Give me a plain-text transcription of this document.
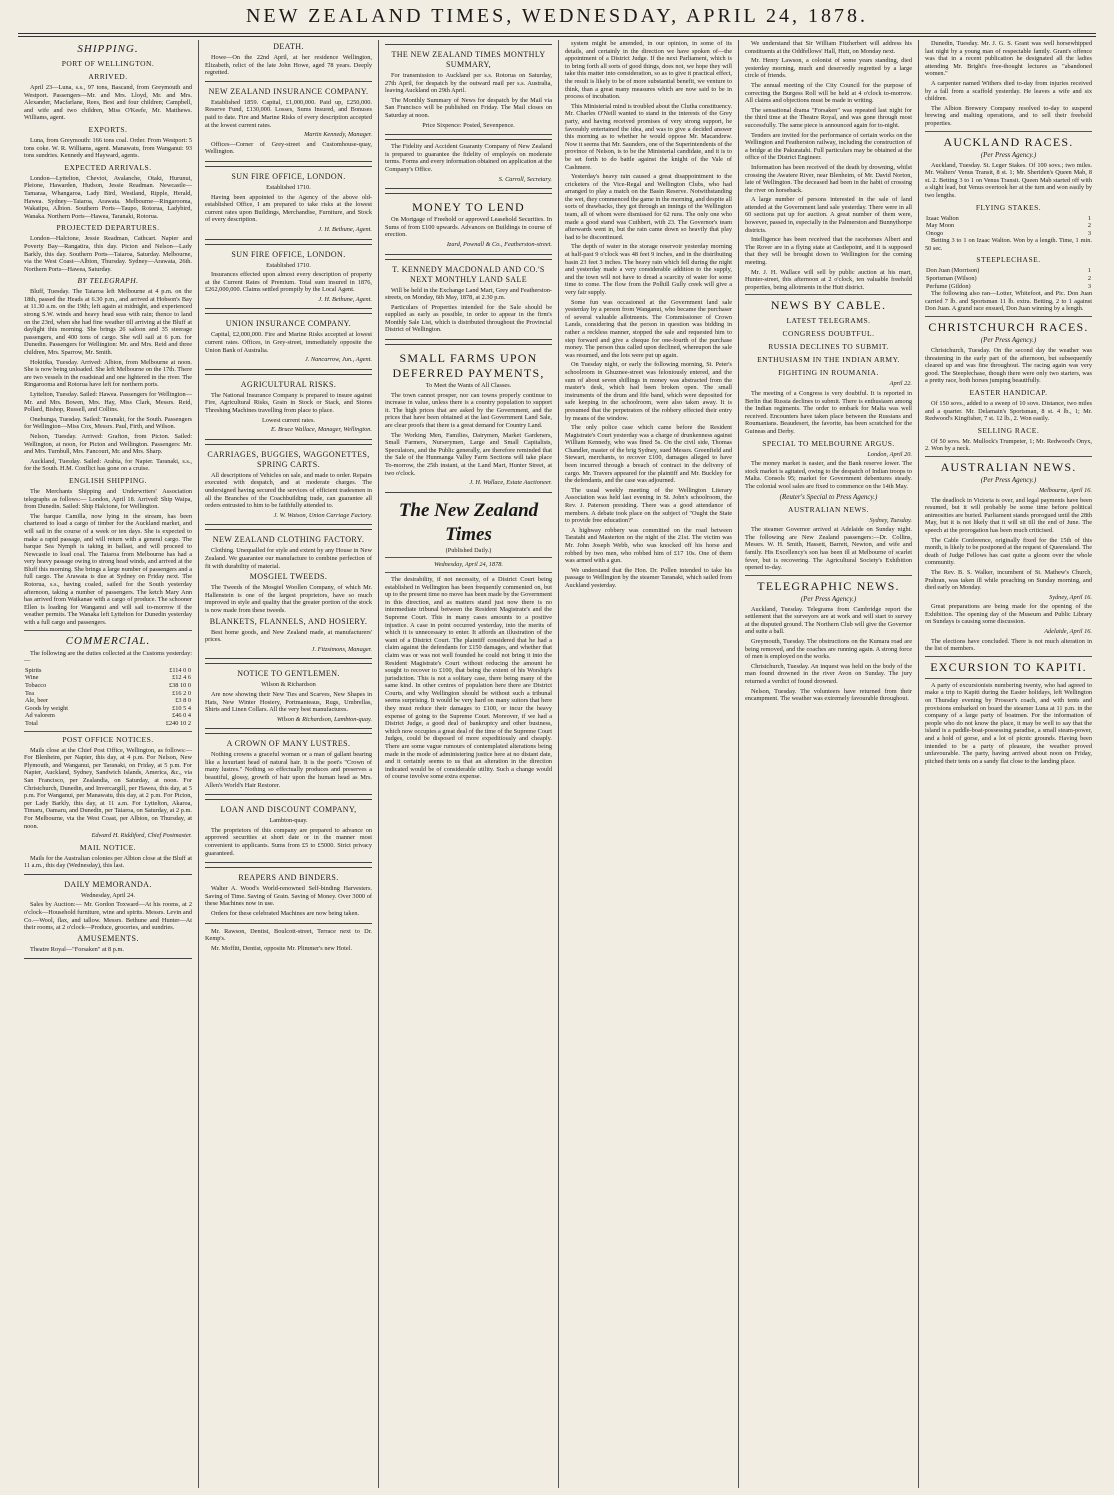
NEW ZEALAND TIMES, WEDNESDAY, APRIL 24, 1878.
SHIPPING.
PORT OF WELLINGTON.
ARRIVED.

April 23—Luna, s.s., 97 tons, Bascand, from Greymouth and Westport. Passengers—Mr. and Mrs. Lloyd, Mr. and Mrs. Alexander, Macfarlane, Rees, Best and four children; Campbell, and wife and two children, Miss O'Keefe, Mr. Matthews. Williams, agent.

EXPORTS.

Luna, from Greymouth: 166 tons coal. Order. From Westport: 5 tons coke. W. R. Williams, agent. Manawatu, from Wanganui: 93 tons sundries. Kennedy and Hayward, agents.

EXPECTED ARRIVALS.

London—Lyttelton, Cheviot, Avalanche, Otaki, Hurunui, Pleione, Hawarden, Hudson, Jessie Readman. Newcastle—Tamaraa, Whangaroa, Lady Bird, Westland, Ripple, Herald, Hawea. Sydney—Taiaroa, Arawata. Melbourne—Ringarooma, Wakatipu, Albion. Southern Ports—Taupo, Rotorua, Ladybird, Wanaka. Northern Ports—Hawea, Taranaki, Rotorua.

PROJECTED DEPARTURES.

London—Halcione, Jessie Readman, Cathcart. Napier and Poverty Bay—Rangatira, this day. Picton and Nelson—Lady Barkly, this day. Southern Ports—Taiaroa, Saturday. Melbourne, via the West Coast—Albion, Thursday. Sydney—Arawata, 26th. Northern Ports—Hawea, Saturday.

BY TELEGRAPH.

Bluff, Tuesday. The Taiaroa left Melbourne at 4 p.m. on the 18th, passed the Heads at 6.30 p.m., and arrived at Hobson's Bay at 11.30 a.m. on the 19th; left again at midnight, and experienced strong S.W. winds and heavy head seas with rain; thence to land on the 23rd, when she had fine weather till arriving at the Bluff at daylight this morning. She brings 26 saloon and 35 steerage passengers, and 400 tons of cargo. She will sail at 6 p.m. for Dunedin. Passengers for Wellington: Mr. and Mrs. Reid and three children, Mrs. Sparrow, Mr. Smith.

Hokitika, Tuesday. Arrived: Albion, from Melbourne at noon. She is now being unloaded. She left Melbourne on the 17th. There are two vessels in the roadstead and one lightered in the river. The Ringarooma and Rotorua have left for northern ports.

Lyttelton, Tuesday. Sailed: Hawea. Passengers for Wellington—Mr. and Mrs. Bowen, Mrs. Hay, Miss Clark, Messrs. Reid, Pollard, Bishop, Russell, and Collins.

Onehunga, Tuesday. Sailed: Taranaki, for the South. Passengers for Wellington—Miss Cox, Messrs. Paul, Firth, and Wilson.

Nelson, Tuesday. Arrived: Grafton, from Picton. Sailed: Wellington, at noon, for Picton and Wellington. Passengers: Mr. and Mrs. Turnbull, Mrs. Fancourt, Mr. and Mrs. Sharp.

Auckland, Tuesday. Sailed: Arabia, for Napier. Taranaki, s.s., for the South. H.M. Conflict has gone on a cruise.

ENGLISH SHIPPING.

The Merchants Shipping and Underwriters' Association telegraphs as follows:— London, April 18. Arrived: Ship Waipa, from Dunedin. Sailed: Ship Halcione, for Wellington.

The barque Camilla, now lying in the stream, has been chartered to load a cargo of timber for the Auckland market, and will sail in the course of a week or ten days. She is expected to make a rapid passage, and will return with a general cargo. The barque Sea Nymph is taking in ballast, and will proceed to Newcastle to load coal. The Taiaroa from Melbourne has had a very heavy passage owing to strong head winds, and arrived at the Bluff this morning. She brings a large number of passengers and a full cargo. The Arawata is due at Sydney on Friday next. The Rotorua, s.s., having coaled, sailed for the South yesterday afternoon, taking a number of passengers. The ketch Mary Ann has arrived from Waikanae with a cargo of produce. The schooner Ellen is loading for Wanganui and will sail to-morrow if the weather permits. The Wanaka left Lyttelton for Dunedin yesterday with a full cargo and passengers.

COMMERCIAL.

The following are the duties collected at the Customs yesterday:—

Spirits	£114 0 0
Wine	£12 4 6
Tobacco	£38 10 0
Tea	£16 2 0
Ale, beer	£3 8 0
Goods by weight	£10 5 4
Ad valorem	£46 0 4
Total	£240 10 2
POST OFFICE NOTICES.

Mails close at the Chief Post Office, Wellington, as follows:— For Blenheim, per Napier, this day, at 4 p.m. For Nelson, New Plymouth, and Wanganui, per Taranaki, on Friday, at 5 p.m. For Napier, Auckland, Sydney, Sandwich Islands, America, &c., via San Francisco, per Zealandia, on Saturday, at noon. For Christchurch, Dunedin, and Invercargill, per Hawea, this day, at 5 p.m. For Wanganui, per Manawatu, this day, at 2 p.m. For Picton, per Lady Barkly, this day, at 11 a.m. For Lyttelton, Akaroa, Timaru, Oamaru, and Dunedin, per Taiaroa, on Saturday, at 2 p.m. For Melbourne, via the West Coast, per Albion, on Thursday, at noon.

Edward H. Riddiford, Chief Postmaster.

MAIL NOTICE.

Mails for the Australian colonies per Albion close at the Bluff at 11 a.m., this day (Wednesday), this last.

DAILY MEMORANDA.

Wednesday, April 24.

Sales by Auction:— Mr. Gordon Toxward—At his rooms, at 2 o'clock—Household furniture, wine and spirits. Messrs. Levin and Co.—Wool, flax, and tallow. Messrs. Bethune and Hunter—At their rooms, at 2 o'clock—Produce, groceries, and sundries.

AMUSEMENTS.

Theatre Royal—"Forsaken" at 8 p.m.

DEATH.

Howe—On the 22nd April, at her residence Wellington, Elizabeth, relict of the late John Howe, aged 78 years. Deeply regretted.

NEW ZEALAND INSURANCE COMPANY.

Established 1859. Capital, £1,000,000. Paid up, £250,000. Reserve Fund, £130,000. Losses, Sums Insured, and Bonuses paid to date. Fire and Marine Risks of every description accepted at the lowest current rates.

Martin Kennedy, Manager.

Offices—Corner of Grey-street and Customhouse-quay, Wellington.

SUN FIRE OFFICE, LONDON.

Established 1710.

Having been appointed to the Agency of the above old-established Office, I am prepared to take risks at the lowest current rates upon Buildings, Merchandise, Furniture, and Stock of every description.

J. H. Bethune, Agent.

SUN FIRE OFFICE, LONDON.

Established 1710.

Insurances effected upon almost every description of property at the Current Rates of Premium. Total sum insured in 1876, £262,000,000. Claims settled promptly by the Local Agent.

J. H. Bethune, Agent.

UNION INSURANCE COMPANY.

Capital, £2,000,000. Fire and Marine Risks accepted at lowest current rates. Offices, in Grey-street, immediately opposite the Union Bank of Australia.

J. Nancarrow, Jun., Agent.

AGRICULTURAL RISKS.

The National Insurance Company is prepared to insure against Fire, Agricultural Risks, Grain in Stock or Stack, and Stores Threshing Machines travelling from place to place.

Lowest current rates.

E. Bruce Wallace, Manager, Wellington.

CARRIAGES, BUGGIES, WAGGONETTES, SPRING CARTS.

All descriptions of Vehicles on sale, and made to order. Repairs executed with despatch, and at moderate charges. The undersigned having secured the services of efficient tradesmen in all the Branches of the Coachbuilding trade, can guarantee all orders entrusted to him to be faithfully attended to.

J. W. Watson, Union Carriage Factory.

NEW ZEALAND CLOTHING FACTORY.

Clothing. Unequalled for style and extent by any House in New Zealand. We guarantee our manufacture to combine perfection of fit with durability of material.

MOSGIEL TWEEDS.

The Tweeds of the Mosgiel Woollen Company, of which Mr. Hallenstein is one of the largest proprietors, have so much improved in style and quality that the greater portion of the stock is now made from these tweeds.

BLANKETS, FLANNELS, AND HOSIERY.

Best home goods, and New Zealand made, at manufacturers' prices.

J. Fitzsimons, Manager.

NOTICE TO GENTLEMEN.

Wilson & Richardson

Are now showing their New Ties and Scarves, New Shapes in Hats, New Winter Hosiery, Portmanteaus, Rugs, Umbrellas, Shirts and Linen Collars. All the very best manufactures.

Wilson & Richardson, Lambton-quay.

A CROWN OF MANY LUSTRES.

Nothing crowns a graceful woman or a man of gallant bearing like a luxuriant head of natural hair. It is the poet's "Crown of many lustres." Nothing so effectually produces and preserves a beautiful, glossy, growth of hair upon the human head as Mrs. Allen's World's Hair Restorer.

LOAN AND DISCOUNT COMPANY,

Lambton-quay.

The proprietors of this company are prepared to advance on approved securities at short date or in the manner most convenient to applicants. Sums from £5 to £5000. Strict privacy guaranteed.

REAPERS AND BINDERS.

Walter A. Wood's World-renowned Self-binding Harvesters. Saving of Time. Saving of Grain. Saving of Money. Over 3000 of these Machines now in use.

Orders for these celebrated Machines are now being taken.

Mr. Rawson, Dentist, Boulcott-street, Terrace next to Dr. Kemp's.

Mr. Moffitt, Dentist, opposite Mr. Plimmer's new Hotel.

THE NEW ZEALAND TIMES MONTHLY SUMMARY,

For transmission to Auckland per s.s. Rotorua on Saturday, 27th April, for despatch by the outward mail per s.s. Australia, leaving Auckland on 29th April.

The Monthly Summary of News for despatch by the Mail via San Francisco will be published on Friday. The Mail closes on Saturday at noon.

Price Sixpence: Posted, Sevenpence.

The Fidelity and Accident Guaranty Company of New Zealand is prepared to guarantee the fidelity of employés on moderate terms. Forms and every information obtained on application at the Company's Office.

S. Carroll, Secretary.

MONEY TO LEND

On Mortgage of Freehold or approved Leasehold Securities. In Sums of from £100 upwards. Advances on Buildings in course of erection.

Izard, Pownall & Co., Featherston-street.

T. KENNEDY MACDONALD AND CO.'S NEXT MONTHLY LAND SALE

Will be held in the Exchange Land Mart, Grey and Featherston-streets, on Monday, 6th May, 1878, at 2.30 p.m.

Particulars of Properties intended for the Sale should be supplied as early as possible, in order to appear in the firm's Monthly Sale List, which is distributed throughout the Provincial District of Wellington.

SMALL FARMS UPON DEFERRED PAYMENTS,

To Meet the Wants of All Classes.

The town cannot prosper, nor can towns properly continue to increase in value, unless there is a country population to support it. The high prices that are asked by the Government, and the prices that have been obtained at the last Government Land Sale, are clear proofs that there is a great demand for Country Land.

The Working Men, Families, Dairymen, Market Gardeners, Small Farmers, Nurserymen, Large and Small Capitalists, Speculators, and the Public generally, are therefore reminded that the Sale of the Hunmanga Valley Farm Sections will take place To-morrow, the 25th instant, at the Land Mart, Hunter Street, at two o'clock.

J. H. Wallace, Estate Auctioneer.

The New Zealand Times

(Published Daily.)

Wednesday, April 24, 1878.

The desirability, if not necessity, of a District Court being established in Wellington has been frequently commented on, but up to the present time no move has been made by the Government in this direction, and as matters stand just now there is no intermediate tribunal between the Resident Magistrate's and the Supreme Court. This in many cases amounts to a positive injustice. A case in point occurred yesterday, into the merits of which it is unnecessary to enter. It affords an illustration of the want of a District Court. The plaintiff considered that he had a claim against the defendants for £150 damages, and whether that claim was or was not well founded he could not bring it into the Resident Magistrate's Court without reducing the amount he sought to recover to £100, that being the extent of his Worship's jurisdiction. This is not a solitary case, there being many of the same kind. In other centres of population here there are District Courts, and why Wellington should be without such a tribunal seems surprising. It would be very hard on many suitors that here they must reduce their damages to £100, or incur the heavy expense of going to the Supreme Court. Moreover, if we had a District Judge, a good deal of bankruptcy and other business, which now occupies a great deal of the time of the Supreme Court Judges, could be disposed of more expeditiously and cheaply. There are some vague rumours of contemplated alterations being made in the mode of administering justice here at no distant date, and it certainly seems to us that an alteration in the direction indicated would be of considerable utility. Such a change would of course involve some extra expense.

system might be amended, in our opinion, in some of its details, and certainly in the direction we have spoken of—the appointment of a District Judge. If the next Parliament, which is to bring forth all sorts of good things, does not, we hope they will take this matter into consideration, so as to give it practical effect, the result is likely to be of more substantial benefit, we venture to think, than a great many measures which are now said to be in process of incubation.

This Ministerial mind is troubled about the Clutha constituency. Mr. Charles O'Neill wanted to stand in the interests of the Grey party, and having received promises of very strong support, he favorably entertained the idea, and was to give a decided answer this morning as to whether he would oppose Mr. Macandrew. Now it seems that Mr. Saunders, one of the Superintendents of the province of Nelson, is to be the Ministerial candidate, and it is to be set forth to do battle against the knight of the Vale of Cashmere.

Yesterday's heavy rain caused a great disappointment to the cricketers of the Vice-Regal and Wellington Clubs, who had arranged to play a match on the Basin Reserve. Notwithstanding the wet, they commenced the game in the morning, and despite all sorts of drawbacks, they got through an innings of the Wellington team, all of whom were dismissed for 62 runs. The only one who made a good stand was Cuthbert, with 23. The Governor's team afterwards went in, but the rain came down so heavily that play had to be discontinued.

The depth of water in the storage reservoir yesterday morning at half-past 9 o'clock was 48 feet 9 inches, and in the distributing basin 23 feet 3 inches. The heavy rain which fell during the night and yesterday made a very considerable addition to the supply, and the town will not have to dread a scarcity of water for some time to come. The flow from the Polhill Gully creek will give a very fair supply.

Some fun was occasioned at the Government land sale yesterday by a person from Wanganui, who became the purchaser of several valuable allotments. The Commissioner of Crown Lands, considering that the person in question was bidding in rather a reckless manner, stopped the sale and requested him to step forward and give a cheque for one-fourth of the purchase money. The person thus called upon declined, whereupon the sale was resumed, and the lots were put up again.

On Tuesday night, or early the following morning, St. Peter's schoolroom in Ghuznee-street was feloniously entered, and the sum of about seven shillings in money was abstracted from the master's desk, which had been broken open. The small instruments of the drum and fife band, which were deposited for safe keeping in the schoolroom, were also taken away. It is presumed that the perpetrators of the robbery effected their entry by means of the window.

The only police case which came before the Resident Magistrate's Court yesterday was a charge of drunkenness against William Kennedy, who was fined 5s. On the civil side, Thomas Chandler, master of the brig Sydney, sued Messrs. Greenfield and Stewart, merchants, to recover £100, damages alleged to have been incurred through a breach of contract in the delivery of cargo. Mr. Travers appeared for the plaintiff and Mr. Buckley for the defendants, and the case was adjourned.

The usual weekly meeting of the Wellington Literary Association was held last evening in St. John's schoolroom, the Rev. J. Paterson presiding. There was a good attendance of members. A debate took place on the subject of "Ought the State to provide free education?"

A highway robbery was committed on the road between Taratahi and Masterton on the night of the 21st. The victim was Mr. John Joseph Webb, who was knocked off his horse and robbed by two men, who robbed him of £17 10s. One of them was armed with a gun.

We understand that the Hon. Dr. Pollen intended to take his passage to Wellington by the steamer Taranaki, which sailed from Auckland yesterday.

We understand that Sir William Fitzherbert will address his constituents at the Oddfellows' Hall, Hutt, on Monday next.

Mr. Henry Lawson, a colonist of some years standing, died yesterday morning, much and deservedly regretted by a large circle of friends.

The annual meeting of the City Council for the purpose of correcting the Burgess Roll will be held at 4 o'clock to-morrow. All claims and objections must be made in writing.

The sensational drama "Forsaken" was repeated last night for the third time at the Theatre Royal, and was gone through most successfully. The same piece is announced again for to-night.

Tenders are invited for the performance of certain works on the Wellington and Featherston railway, including the construction of a bridge at the Pakuratahi. Full particulars may be obtained at the office of the District Engineer.

Information has been received of the death by drowning, whilst crossing the Awatere River, near Blenheim, of Mr. David Norton, late of Wellington. The deceased had been in the habit of crossing the river on horseback.

A large number of persons interested in the sale of land attended at the Government land sale yesterday. There were in all 60 sections put up for auction. A great number of them were, however, passed in, especially in the Palmerston and Bunnythorpe districts.

Intelligence has been received that the racehorses Albert and The Rover are in a flying state at Castlepoint, and it is supposed that they will be brought down to Wellington for the coming meeting.

Mr. J. H. Wallace will sell by public auction at his mart, Hunter-street, this afternoon at 2 o'clock, ten valuable freehold properties, being allotments in the Hutt district.

NEWS BY CABLE.
LATEST TELEGRAMS.
CONGRESS DOUBTFUL.
RUSSIA DECLINES TO SUBMIT.
ENTHUSIASM IN THE INDIAN ARMY.
FIGHTING IN ROUMANIA.

April 22.

The meeting of a Congress is very doubtful. It is reported in Berlin that Russia declines to submit. There is enthusiasm among the Indian regiments. The order to embark for Malta was well received. Encounters have taken place between the Russians and Roumanians. Beaudesert, the favorite, has been scratched for the Guineas and Derby.

SPECIAL TO MELBOURNE ARGUS.

London, April 20.

The money market is easier, and the Bank reserve lower. The stock market is agitated, owing to the despatch of Indian troops to Malta. Consols 95; market for Government debentures steady. The colonial wool sales are fixed to commence on the 14th May.

(Reuter's Special to Press Agency.)
AUSTRALIAN NEWS.

Sydney, Tuesday.

The steamer Governor arrived at Adelaide on Sunday night. The following are New Zealand passengers:—Dr. Collins, Messrs. W. H. Smith, Hassett, Barrett, Newton, and wife and family. His Excellency's son has been ill at Melbourne of scarlet fever, but is recovering. The Agricultural Society's Exhibition opened to-day.

TELEGRAPHIC NEWS.
(Per Press Agency.)

Auckland, Tuesday. Telegrams from Cambridge report the settlement that the surveyors are at work and will start to survey at the disputed ground. The Northern Club will give the Governor and suite a ball.

Greymouth, Tuesday. The obstructions on the Kumara road are being removed, and the coaches are running again. A strong force of men is employed on the works.

Christchurch, Tuesday. An inquest was held on the body of the man found drowned in the river Avon on Sunday. The jury returned a verdict of found drowned.

Nelson, Tuesday. The volunteers have returned from their encampment. The weather was extremely favourable throughout.

Dunedin, Tuesday. Mr. J. G. S. Grant was well horsewhipped last night by a young man of respectable family. Grant's offence was that in a recent publication he designated all the ladies attending Mr. Bright's free-thought lectures as "abandoned women."

A carpenter named Withers died to-day from injuries received by a fall from a scaffold yesterday. He leaves a wife and six children.

The Albion Brewery Company resolved to-day to suspend brewing and malting operations, and to sell their freehold properties.

AUCKLAND RACES.
(Per Press Agency.)

Auckland, Tuesday. St. Leger Stakes. Of 100 sovs.; two miles. Mr. Walters' Venus Transit, 8 st. 1; Mr. Sheriden's Queen Mab, 8 st. 2. Betting 3 to 1 on Venus Transit. Queen Mab started off with a slight lead, but Venus overtook her at the turn and won easily by two lengths.

FLYING STAKES.
Izaac Walton	1
May Moon	2
Onogo	3

Betting 3 to 1 on Izaac Walton. Won by a length. Time, 1 min. 50 sec.

STEEPLECHASE.
Don Juan (Morrison)	1
Sportsman (Wilson)	2
Perfume (Gildon)	3

The following also ran—Lotter, Whitefoot, and Pic. Don Juan carried 7 lb. and Sportsman 11 lb. extra. Betting, 2 to 1 against Don Juan. A grand race ensued, Don Juan winning by a length.

CHRISTCHURCH RACES.
(Per Press Agency.)

Christchurch, Tuesday. On the second day the weather was threatening in the early part of the afternoon, but subsequently cleared up and was fine throughout. The racing again was very good. The Steeplechase, though there were only two starters, was a pretty race, both horses jumping beautifully.

EASTER HANDICAP.

Of 150 sovs., added to a sweep of 10 sovs. Distance, two miles and a quarter. Mr. Delamain's Sportsman, 8 st. 4 lb., 1; Mr. Redwood's Kingfisher, 7 st. 12 lb., 2. Won easily.

SELLING RACE.

Of 50 sovs. Mr. Mullock's Trumpeter, 1; Mr. Redwood's Onyx, 2. Won by a neck.

AUSTRALIAN NEWS.
(Per Press Agency.)

Melbourne, April 16.

The deadlock in Victoria is over, and legal payments have been resumed, but it will probably be some time before political animosities are buried. Parliament stands prorogued until the 28th May, but it is not likely that it will sit till the end of June. The speech at the prorogation has been much criticised.

The Cable Conference, originally fixed for the 15th of this month, is likely to be postponed at the request of Queensland. The death of Judge Fellows has cast quite a gloom over the whole community.

The Rev. B. S. Walker, incumbent of St. Mathew's Church, Prahran, was taken ill while preaching on Sunday morning, and died early on Monday.

Sydney, April 16.

Great preparations are being made for the opening of the Exhibition. The opening day of the Museum and Public Library on Sundays is causing some discussion.

Adelaide, April 16.

The elections have concluded. There is not much alteration in the list of members.

EXCURSION TO KAPITI.

A party of excursionists numbering twenty, who had agreed to make a trip to Kapiti during the Easter holidays, left Wellington on Thursday evening by Prosser's coach, and with tents and provisions embarked on board the steamer Luna at 11 p.m. in the company of a large party of boatmen. For the information of people who do not know the place, it may be well to say that the island is a paddle-boat-possessing paradise, a small steam-power, and a hold of gorse, and a lot of picnic grounds. Having been intended to be a party of pleasure, the weather proved unfavourable. The party, having arrived about noon on Friday, pitched their tents on a sandy flat close to the landing place.
